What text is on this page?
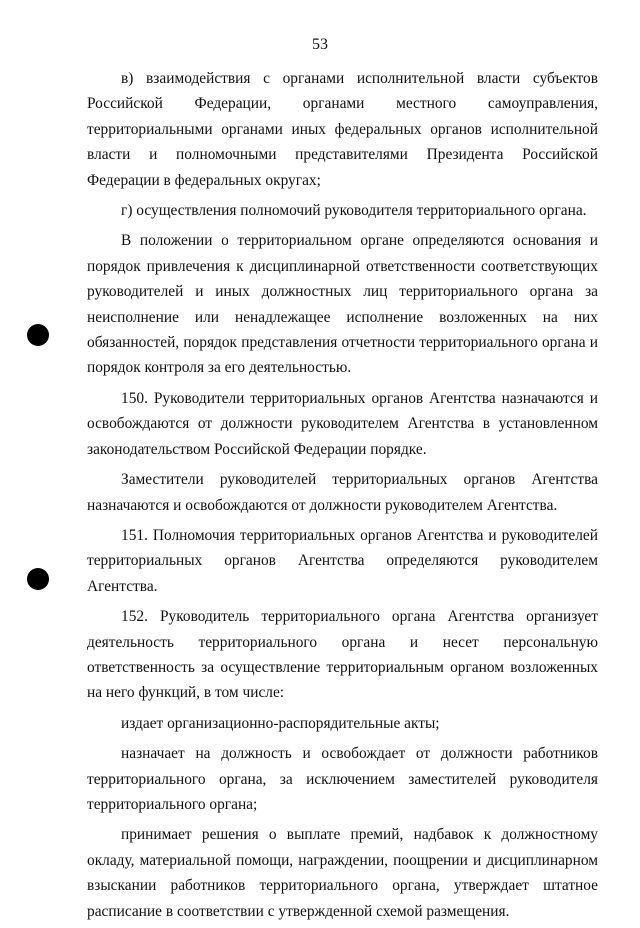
53

в) взаимодействия с органами исполнительной власти субъектов Российской Федерации, органами местного самоуправления, территориальными органами иных федеральных органов исполнительной власти и полномочными представителями Президента Российской Федерации в федеральных округах;

г) осуществления полномочий руководителя территориального органа.

В положении о территориальном органе определяются основания и порядок привлечения к дисциплинарной ответственности соответствующих руководителей и иных должностных лиц территориального органа за неисполнение или ненадлежащее исполнение возложенных на них обязанностей, порядок представления отчетности территориального органа и порядок контроля за его деятельностью.

150. Руководители территориальных органов Агентства назначаются и освобождаются от должности руководителем Агентства в установленном законодательством Российской Федерации порядке.

Заместители руководителей территориальных органов Агентства назначаются и освобождаются от должности руководителем Агентства.

151. Полномочия территориальных органов Агентства и руководителей территориальных органов Агентства определяются руководителем Агентства.

152. Руководитель территориального органа Агентства организует деятельность территориального органа и несет персональную ответственность за осуществление территориальным органом возложенных на него функций, в том числе:

издает организационно-распорядительные акты;

назначает на должность и освобождает от должности работников территориального органа, за исключением заместителей руководителя территориального органа;

принимает решения о выплате премий, надбавок к должностному окладу, материальной помощи, награждении, поощрении и дисциплинарном взыскании работников территориального органа, утверждает штатное расписание в соответствии с утвержденной схемой размещения.
